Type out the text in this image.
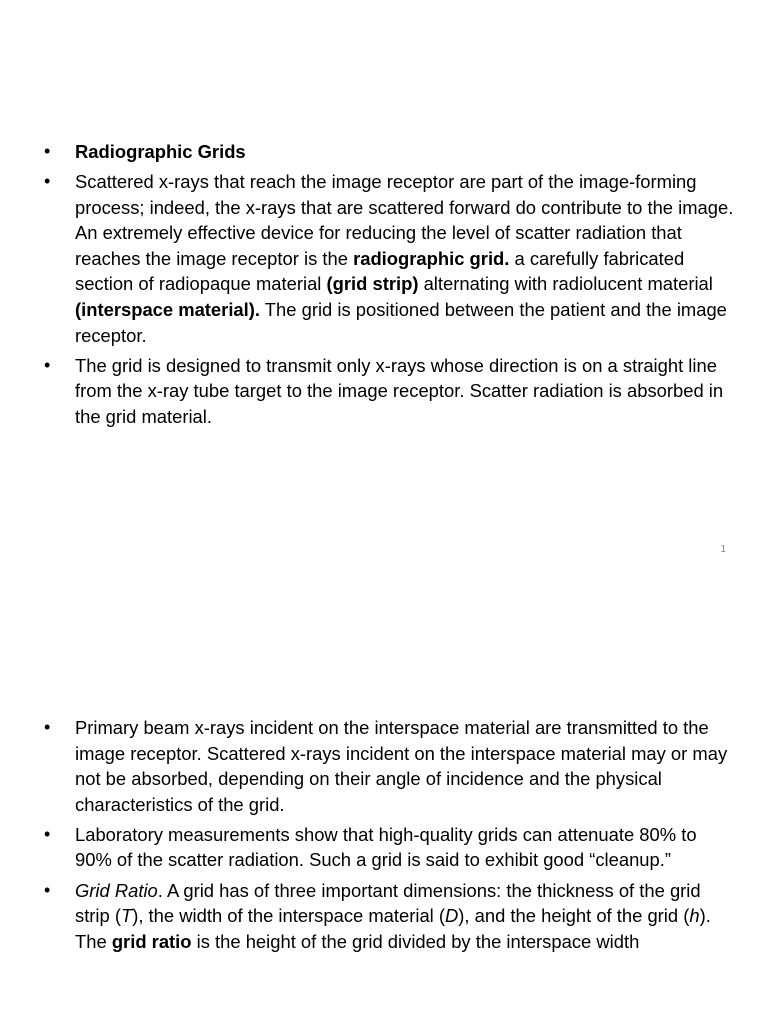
•	Radiographic Grids
•	Scattered x-rays that reach the image receptor are part of the image-forming process; indeed, the x-rays that are scattered forward do contribute to the image. An extremely effective device for reducing the level of scatter radiation that reaches the image receptor is the radiographic grid. a carefully fabricated section of radiopaque material (grid strip) alternating with radiolucent material (interspace material). The grid is positioned between the patient and the image receptor.
•	The grid is designed to transmit only x-rays whose direction is on a straight line from the x-ray tube target to the image receptor. Scatter radiation is absorbed in the grid material.
1
•	Primary beam x-rays incident on the interspace material are transmitted to the image receptor. Scattered x-rays incident on the interspace material may or may not be absorbed, depending on their angle of incidence and the physical characteristics of the grid.
•	Laboratory measurements show that high-quality grids can attenuate 80% to 90% of the scatter radiation. Such a grid is said to exhibit good “cleanup.”
•	Grid Ratio. A grid has of three important dimensions: the thickness of the grid strip (T), the width of the interspace material (D), and the height of the grid (h). The grid ratio is the height of the grid divided by the interspace width
